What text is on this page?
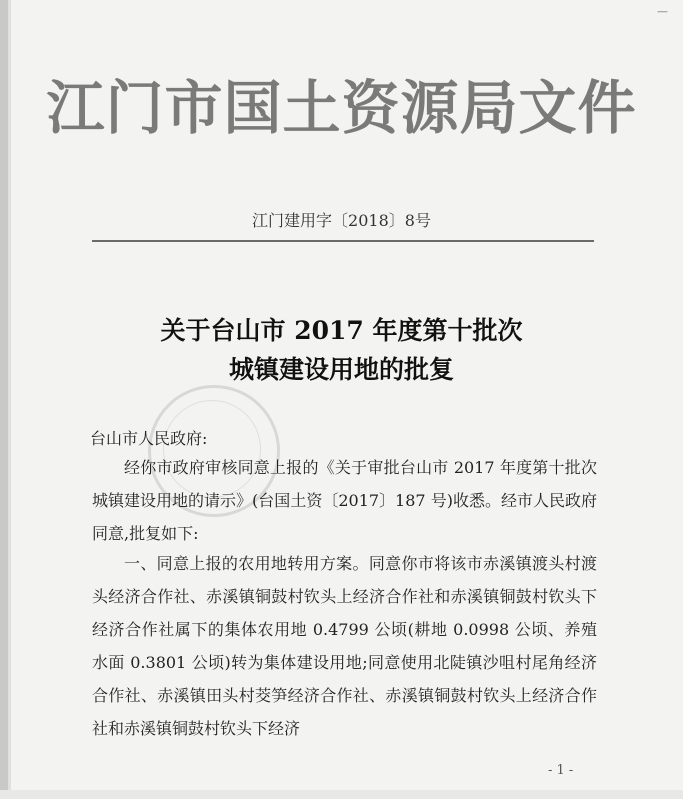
—
江门市国土资源局文件
江门建用字〔2018〕8号
关于台山市 2017 年度第十批次
城镇建设用地的批复
台山市人民政府:
经你市政府审核同意上报的《关于审批台山市 2017 年度第十批次城镇建设用地的请示》(台国土资〔2017〕187 号)收悉。经市人民政府同意,批复如下:
一、同意上报的农用地转用方案。同意你市将该市赤溪镇渡头村渡头经济合作社、赤溪镇铜鼓村钦头上经济合作社和赤溪镇铜鼓村钦头下经济合作社属下的集体农用地 0.4799 公顷(耕地 0.0998 公顷、养殖水面 0.3801 公顷)转为集体建设用地;同意使用北陡镇沙咀村尾角经济合作社、赤溪镇田头村茭笋经济合作社、赤溪镇铜鼓村钦头上经济合作社和赤溪镇铜鼓村钦头下经济
- 1 -
